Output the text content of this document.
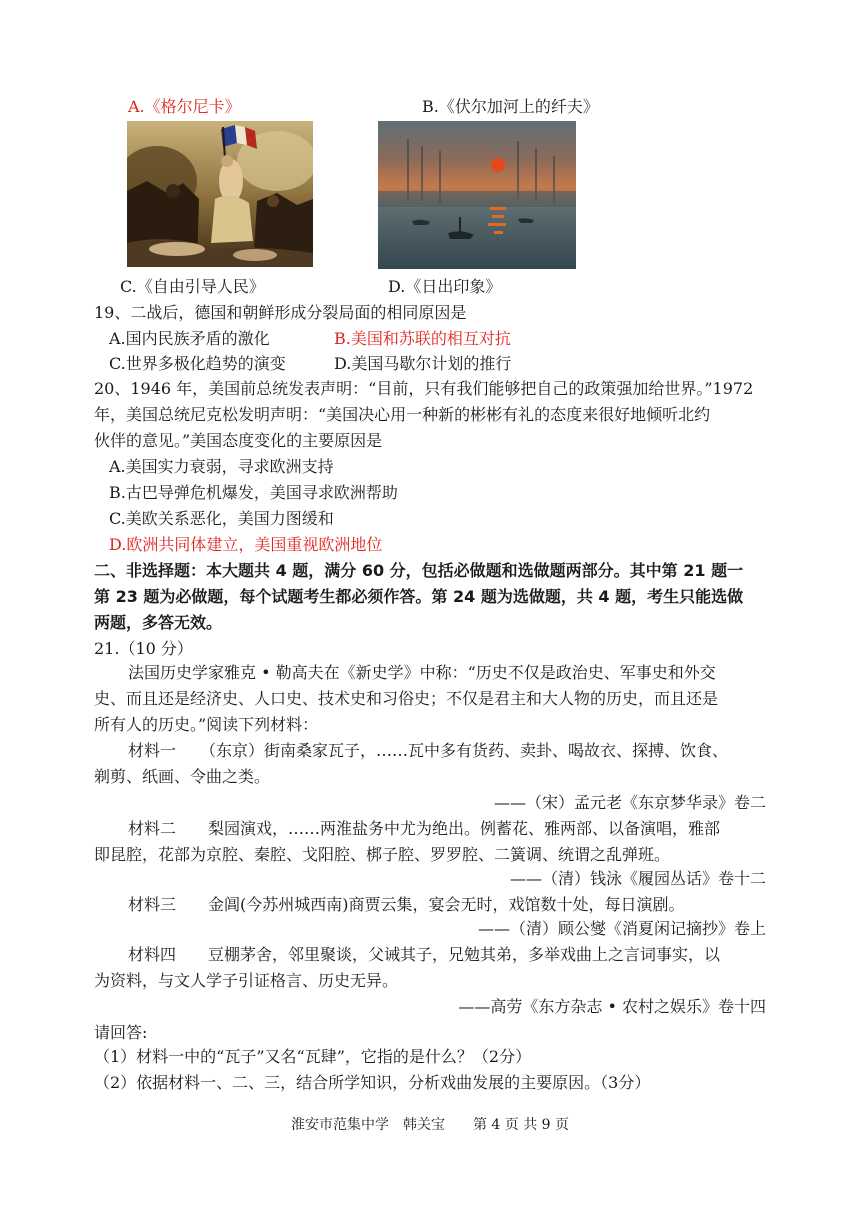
A.《格尔尼卡》	B.《伏尔加河上的纤夫》
C.《自由引导人民》	D.《日出印象》
19、二战后，德国和朝鲜形成分裂局面的相同原因是
A.国内民族矛盾的激化	B.美国和苏联的相互对抗
C.世界多极化趋势的演变	D.美国马歇尔计划的推行
20、1946 年，美国前总统发表声明：“目前，只有我们能够把自己的政策强加给世界。”1972
年，美国总统尼克松发明声明：“美国决心用一种新的彬彬有礼的态度来很好地倾听北约
伙伴的意见。”美国态度变化的主要原因是
A.美国实力衰弱，寻求欧洲支持
B.古巴导弹危机爆发，美国寻求欧洲帮助
C.美欧关系恶化，美国力图缓和
D.欧洲共同体建立，美国重视欧洲地位
二、非选择题：本大题共 4 题，满分 60 分，包括必做题和选做题两部分。其中第 21 题一
第 23 题为必做题，每个试题考生都必须作答。第 24 题为选做题，共 4 题，考生只能选做
两题，多答无效。
21.（10 分）
法国历史学家雅克 • 勒高夫在《新史学》中称：“历史不仅是政治史、军事史和外交
史、而且还是经济史、人口史、技术史和习俗史；不仅是君主和大人物的历史，而且还是
所有人的历史。”阅读下列材料：
材料一　　（东京）街南桑家瓦子，……瓦中多有货药、卖卦、喝故衣、探搏、饮食、
剃剪、纸画、令曲之类。
——（宋）孟元老《东京梦华录》卷二
材料二　　梨园演戏，……两淮盐务中尤为绝出。例蓄花、雅两部、以备演唱，雅部
即昆腔，花部为京腔、秦腔、戈阳腔、梆子腔、罗罗腔、二簧调、统谓之乱弹班。
——（清）钱泳《履园丛话》卷十二
材料三　　金阊(今苏州城西南)商贾云集，宴会无时，戏馆数十处，每日演剧。
——（清）顾公燮《消夏闲记摘抄》卷上
材料四　　豆棚茅舍，邻里聚谈，父诫其子，兄勉其弟，多举戏曲上之言词事实，以
为资料，与文人学子引证格言、历史无异。
——高劳《东方杂志 • 农村之娱乐》卷十四
请回答:
（1）材料一中的“瓦子”又名“瓦肆”，它指的是什么？（2分）
（2）依据材料一、二、三，结合所学知识，分析戏曲发展的主要原因。（3分）
淮安市范集中学　韩关宝　　第 4 页 共 9 页
